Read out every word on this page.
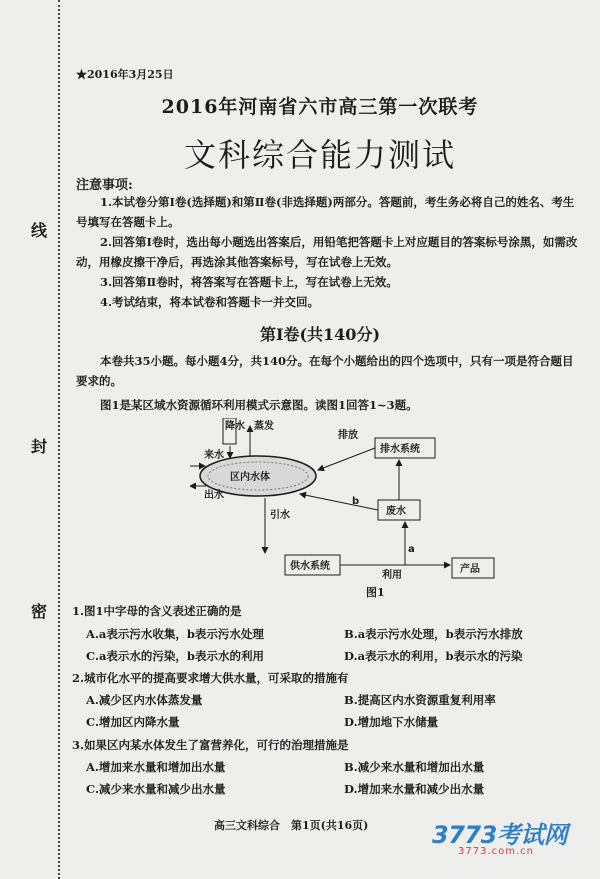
线
封
密
★2016年3月25日
2016年河南省六市高三第一次联考
文科综合能力测试
注意事项:
1.本试卷分第Ⅰ卷(选择题)和第Ⅱ卷(非选择题)两部分。答题前，考生务必将自己的姓名、考生号填写在答题卡上。
2.回答第Ⅰ卷时，选出每小题选出答案后，用铅笔把答题卡上对应题目的答案标号涂黑，如需改动，用橡皮擦干净后，再选涂其他答案标号，写在试卷上无效。
3.回答第Ⅱ卷时，将答案写在答题卡上，写在试卷上无效。
4.考试结束，将本试卷和答题卡一并交回。
第Ⅰ卷(共140分)
本卷共35小题。每小题4分，共140分。在每个小题给出的四个选项中，只有一项是符合题目要求的。
图1是某区域水资源循环利用模式示意图。读图1回答1~3题。
降水 蒸发
区内水体
来水
出水
排水系统
排放
废水
b
引水
供水系统
利用
产品
a
图1
1.图1中字母的含义表述正确的是
A.a表示污水收集，b表示污水处理	B.a表示污水处理，b表示污水排放
C.a表示水的污染，b表示水的利用	D.a表示水的利用，b表示水的污染
2.城市化水平的提高要求增大供水量，可采取的措施有
A.减少区内水体蒸发量	B.提高区内水资源重复利用率
C.增加区内降水量	D.增加地下水储量
3.如果区内某水体发生了富营养化，可行的治理措施是
A.增加来水量和增加出水量	B.减少来水量和增加出水量
C.减少来水量和减少出水量	D.增加来水量和减少出水量
高三文科综合　第1页(共16页)	3773考试网
3773.com.cn
